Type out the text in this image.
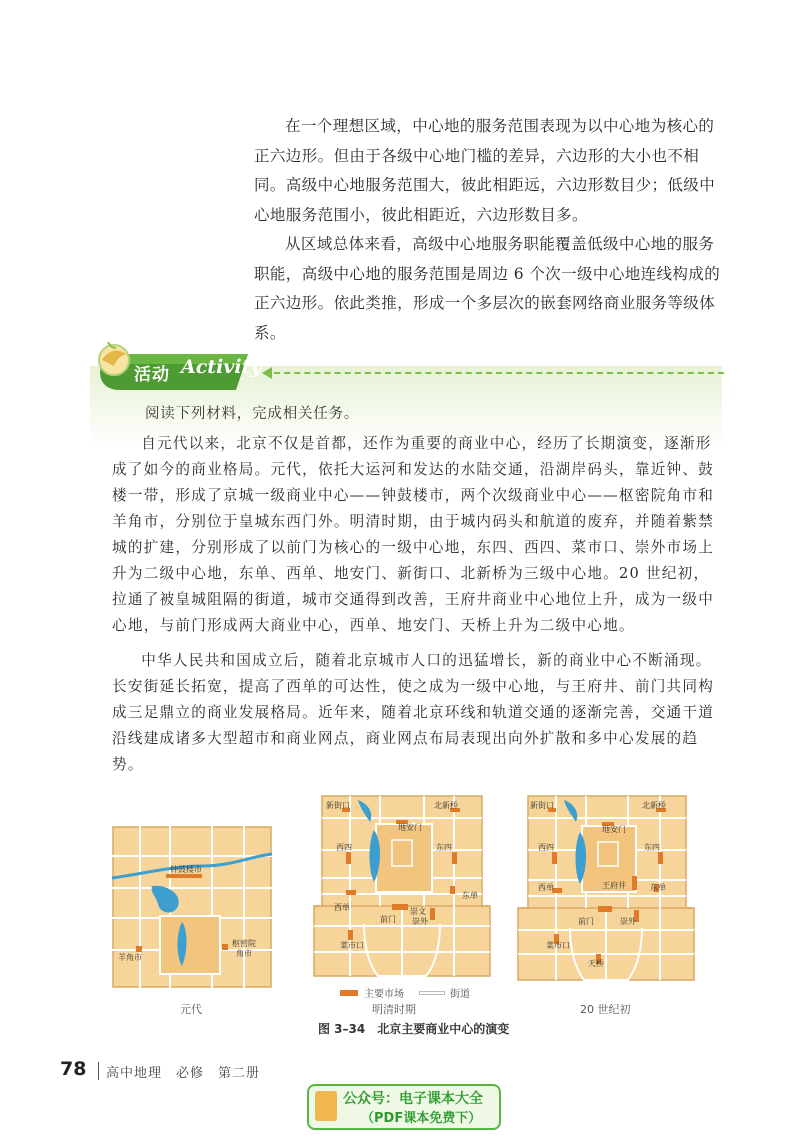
在一个理想区域，中心地的服务范围表现为以中心地为核心的正六边形。但由于各级中心地门槛的差异，六边形的大小也不相同。高级中心地服务范围大，彼此相距远，六边形数目少；低级中心地服务范围小，彼此相距近，六边形数目多。

从区域总体来看，高级中心地服务职能覆盖低级中心地的服务职能，高级中心地的服务范围是周边 6 个次一级中心地连线构成的正六边形。依此类推，形成一个多层次的嵌套网络商业服务等级体系。

活动 Activity
阅读下列材料，完成相关任务。

自元代以来，北京不仅是首都，还作为重要的商业中心，经历了长期演变，逐渐形成了如今的商业格局。元代，依托大运河和发达的水陆交通，沿湖岸码头，靠近钟、鼓楼一带，形成了京城一级商业中心——钟鼓楼市，两个次级商业中心——枢密院角市和羊角市，分别位于皇城东西门外。明清时期，由于城内码头和航道的废弃，并随着紫禁城的扩建，分别形成了以前门为核心的一级中心地，东四、西四、菜市口、崇外市场上升为二级中心地，东单、西单、地安门、新街口、北新桥为三级中心地。20 世纪初，拉通了被皇城阻隔的街道，城市交通得到改善，王府井商业中心地位上升，成为一级中心地，与前门形成两大商业中心，西单、地安门、天桥上升为二级中心地。

中华人民共和国成立后，随着北京城市人口的迅猛增长，新的商业中心不断涌现。长安街延长拓宽，提高了西单的可达性，使之成为一级中心地，与王府井、前门共同构成三足鼎立的商业发展格局。近年来，随着北京环线和轨道交通的逐渐完善，交通干道沿线建成诸多大型超市和商业网点，商业网点布局表现出向外扩散和多中心发展的趋势。

钟鼓楼市
羊角市
枢密院
角市
元代
新街口	北新桥
地安门
西四	东四
西单
东单
前门
崇文
崇外
菜市口
主要市场	街道
明清时期
新街口	北新桥
地安门
西四	东四
西单	王府井	东单
前门	崇外
菜市口
天桥
20 世纪初
图 3–34　北京主要商业中心的演变
78 高中地理　必修　第二册
公众号：电子课本大全
（PDF课本免费下）
